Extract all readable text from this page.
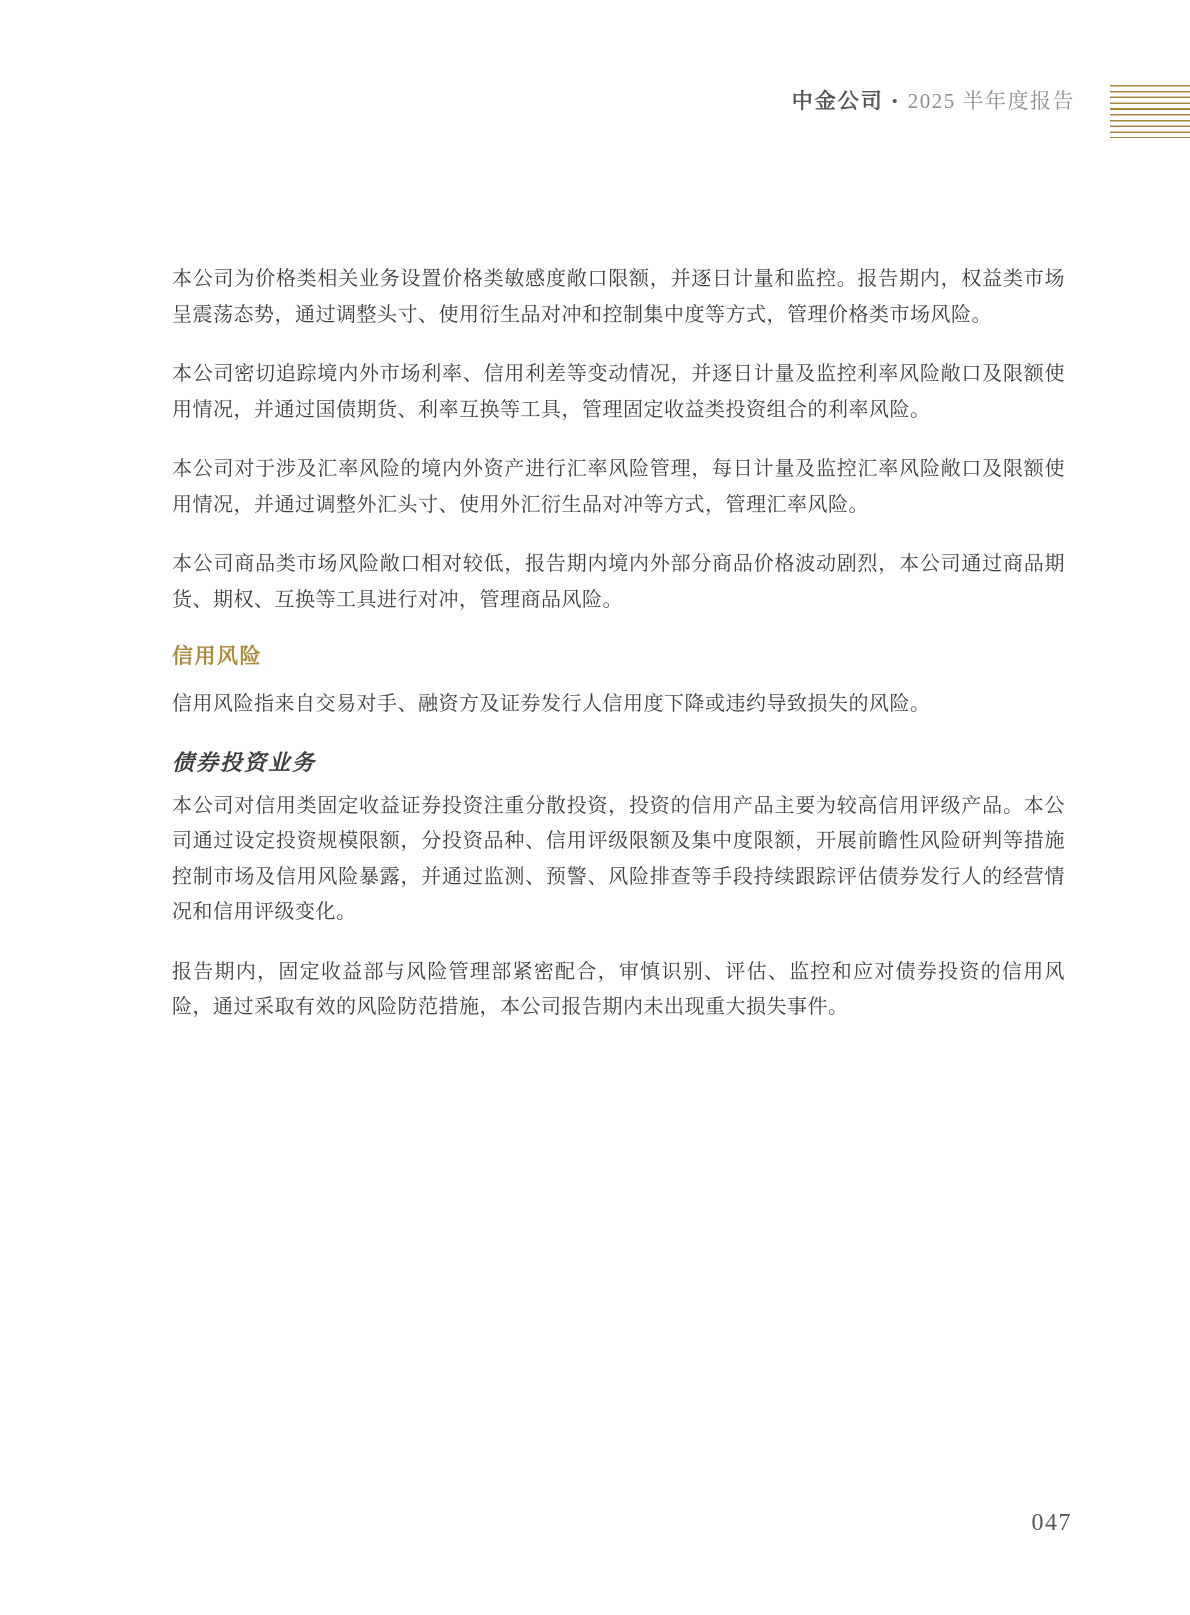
中金公司 • 2025 半年度报告

本公司为价格类相关业务设置价格类敏感度敞口限额，并逐日计量和监控。报告期内，权益类市场呈震荡态势，通过调整头寸、使用衍生品对冲和控制集中度等方式，管理价格类市场风险。

本公司密切追踪境内外市场利率、信用利差等变动情况，并逐日计量及监控利率风险敞口及限额使用情况，并通过国债期货、利率互换等工具，管理固定收益类投资组合的利率风险。

本公司对于涉及汇率风险的境内外资产进行汇率风险管理，每日计量及监控汇率风险敞口及限额使用情况，并通过调整外汇头寸、使用外汇衍生品对冲等方式，管理汇率风险。

本公司商品类市场风险敞口相对较低，报告期内境内外部分商品价格波动剧烈，本公司通过商品期货、期权、互换等工具进行对冲，管理商品风险。

信用风险

信用风险指来自交易对手、融资方及证券发行人信用度下降或违约导致损失的风险。

债券投资业务

本公司对信用类固定收益证券投资注重分散投资，投资的信用产品主要为较高信用评级产品。本公司通过设定投资规模限额，分投资品种、信用评级限额及集中度限额，开展前瞻性风险研判等措施控制市场及信用风险暴露，并通过监测、预警、风险排查等手段持续跟踪评估债券发行人的经营情况和信用评级变化。

报告期内，固定收益部与风险管理部紧密配合，审慎识别、评估、监控和应对债券投资的信用风险，通过采取有效的风险防范措施，本公司报告期内未出现重大损失事件。

047
